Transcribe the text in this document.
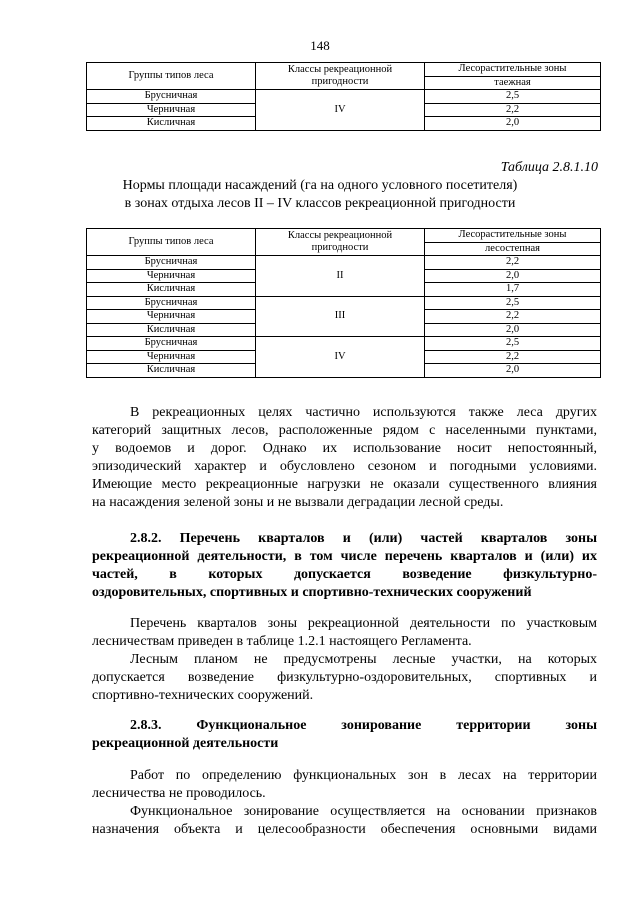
148
Группы типов леса	Классы рекреационной пригодности	Лесорастительные зоны
		таежная
Брусничная	IV	2,5
Черничная		2,2
Кисличная		2,0
Таблица 2.8.1.10
Нормы площади насаждений (га на одного условного посетителя)
в зонах отдыха лесов II – IV классов рекреационной пригодности
Группы типов леса	Классы рекреационной пригодности	Лесорастительные зоны
		лесостепная
Брусничная	II	2,2
Черничная		2,0
Кисличная		1,7
Брусничная	III	2,5
Черничная		2,2
Кисличная		2,0
Брусничная	IV	2,5
Черничная		2,2
Кисличная		2,0
В рекреационных целях частично используются также леса других
категорий защитных лесов, расположенные рядом с населенными пунктами,
у водоемов и дорог. Однако их использование носит непостоянный,
эпизодический характер и обусловлено сезоном и погодными условиями.
Имеющие место рекреационные нагрузки не оказали существенного влияния
на насаждения зеленой зоны и не вызвали деградации лесной среды.
2.8.2. Перечень кварталов и (или) частей кварталов зоны
рекреационной деятельности, в том числе перечень кварталов и (или) их
частей, в которых допускается возведение физкультурно-
оздоровительных, спортивных и спортивно-технических сооружений
Перечень кварталов зоны рекреационной деятельности по участковым
лесничествам приведен в таблице 1.2.1 настоящего Регламента.
Лесным планом не предусмотрены лесные участки, на которых
допускается возведение физкультурно-оздоровительных, спортивных и
спортивно-технических сооружений.
2.8.3. Функциональное зонирование территории зоны
рекреационной деятельности
Работ по определению функциональных зон в лесах на территории
лесничества не проводилось.
Функциональное зонирование осуществляется на основании признаков
назначения объекта и целесообразности обеспечения основными видами
